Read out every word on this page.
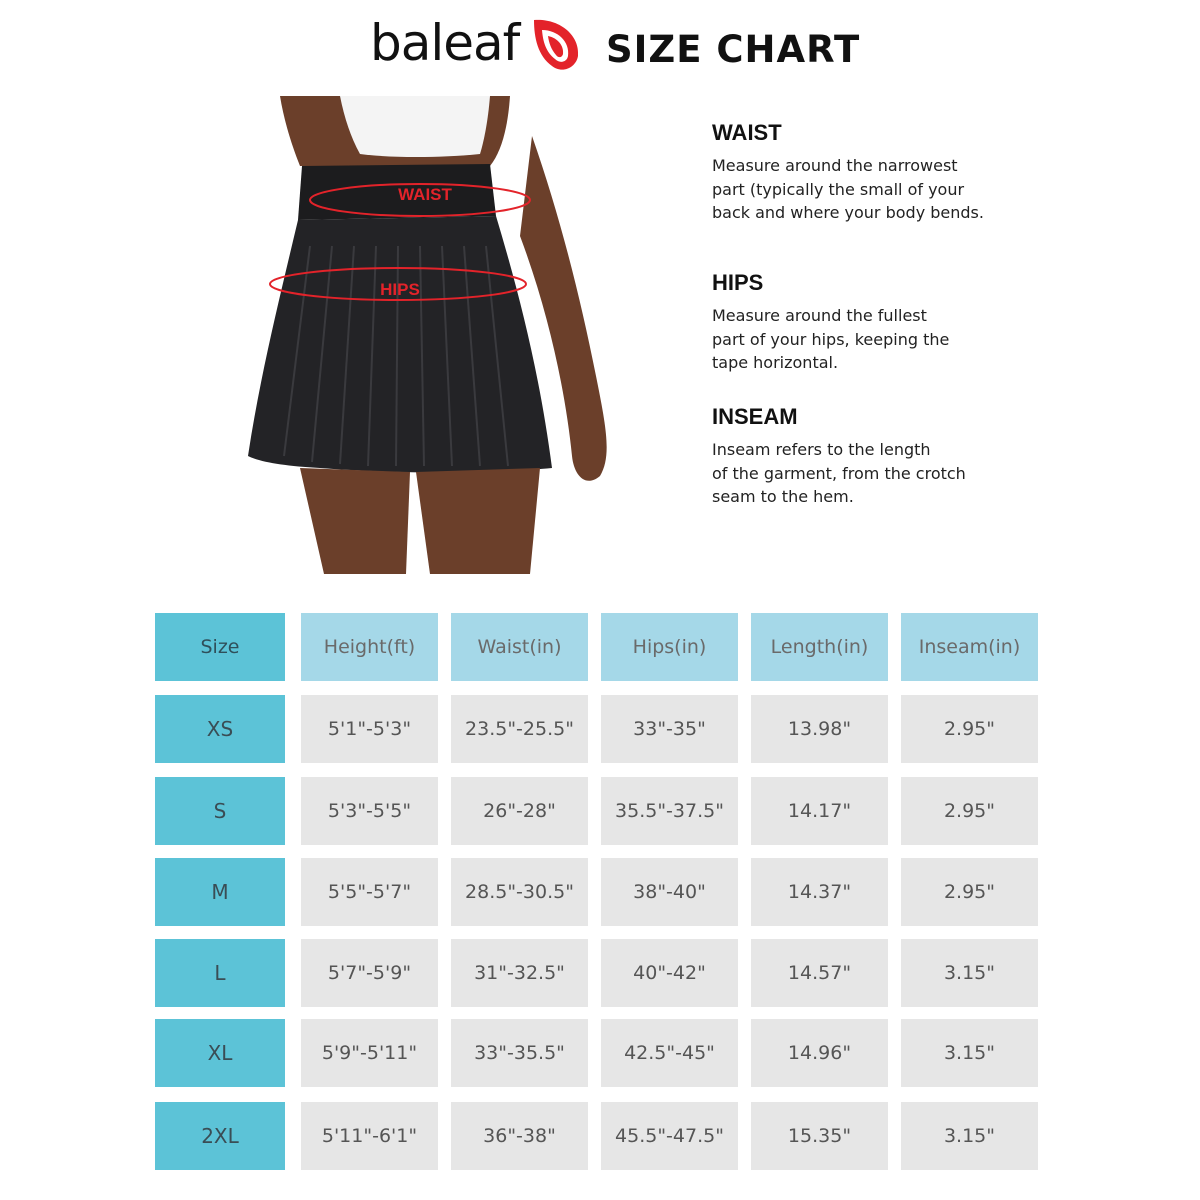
baleaf SIZE CHART
WAIST
HIPS
WAIST

Measure around the narrowest
part (typically the small of your
back and where your body bends.

HIPS

Measure around the fullest
part of your hips, keeping the
tape horizontal.

INSEAM

Inseam refers to the length
of the garment, from the crotch
seam to the hem.

Size	Height(ft)	Waist(in)	Hips(in)	Length(in)	Inseam(in)
XS	5'1"-5'3"	23.5"-25.5"	33"-35"	13.98"	2.95"
S	5'3"-5'5"	26"-28"	35.5"-37.5"	14.17"	2.95"
M	5'5"-5'7"	28.5"-30.5"	38"-40"	14.37"	2.95"
L	5'7"-5'9"	31"-32.5"	40"-42"	14.57"	3.15"
XL	5'9"-5'11"	33"-35.5"	42.5"-45"	14.96"	3.15"
2XL	5'11"-6'1"	36"-38"	45.5"-47.5"	15.35"	3.15"
